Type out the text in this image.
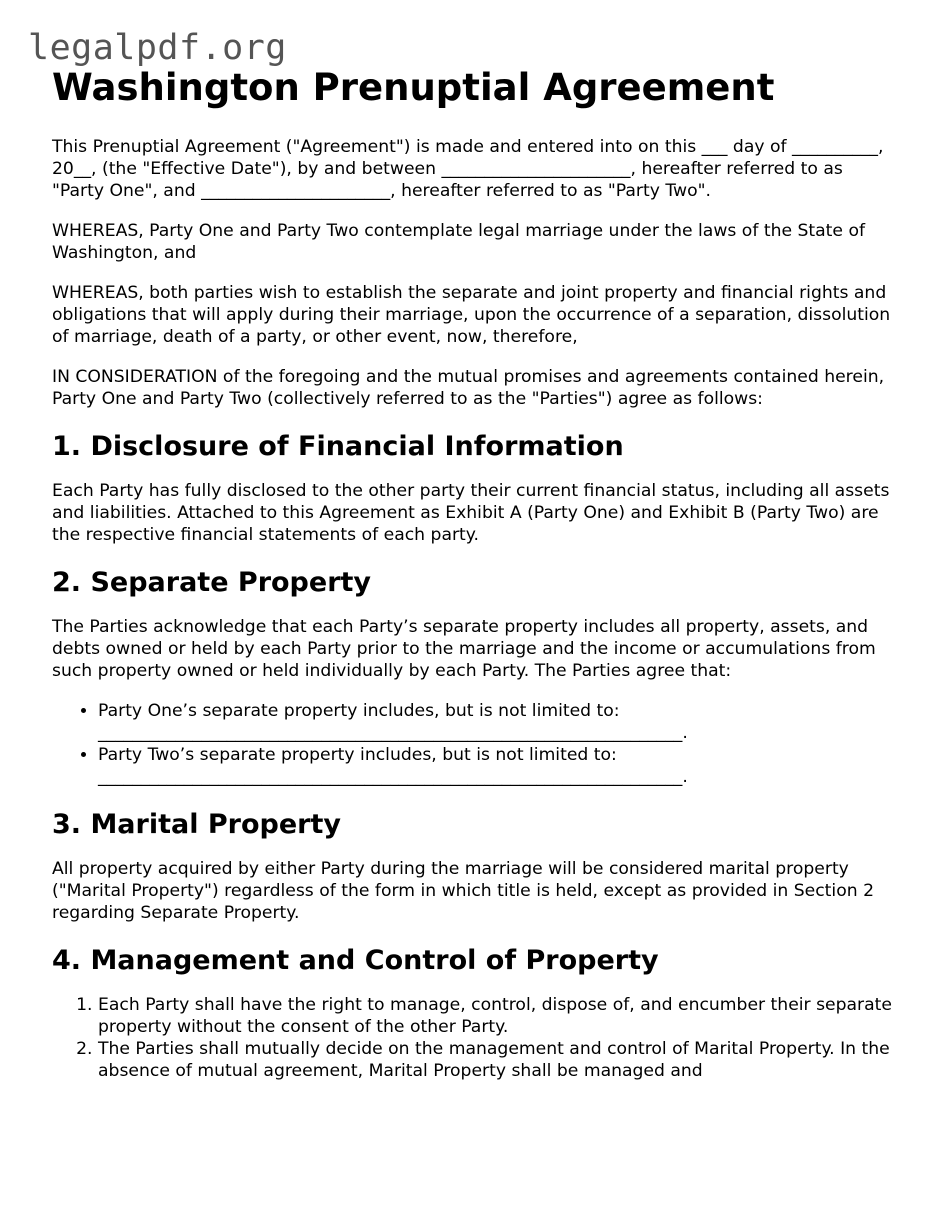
legalpdf.org
Washington Prenuptial Agreement

This Prenuptial Agreement ("Agreement") is made and entered into on this ___ day of __________, 20__, (the "Effective Date"), by and between ______________________, hereafter referred to as "Party One", and ______________________, hereafter referred to as "Party Two".

WHEREAS, Party One and Party Two contemplate legal marriage under the laws of the State of Washington, and

WHEREAS, both parties wish to establish the separate and joint property and financial rights and obligations that will apply during their marriage, upon the occurrence of a separation, dissolution of marriage, death of a party, or other event, now, therefore,

IN CONSIDERATION of the foregoing and the mutual promises and agreements contained herein, Party One and Party Two (collectively referred to as the "Parties") agree as follows:

1. Disclosure of Financial Information

Each Party has fully disclosed to the other party their current financial status, including all assets and liabilities. Attached to this Agreement as Exhibit A (Party One) and Exhibit B (Party Two) are the respective financial statements of each party.

2. Separate Property

The Parties acknowledge that each Party’s separate property includes all property, assets, and debts owned or held by each Party prior to the marriage and the income or accumulations from such property owned or held individually by each Party. The Parties agree that:

• Party One’s separate property includes, but is not limited to: ____________________________________________________________________.
• Party Two’s separate property includes, but is not limited to: ____________________________________________________________________.
3. Marital Property

All property acquired by either Party during the marriage will be considered marital property ("Marital Property") regardless of the form in which title is held, except as provided in Section 2 regarding Separate Property.

4. Management and Control of Property
1. Each Party shall have the right to manage, control, dispose of, and encumber their separate property without the consent of the other Party.
2. The Parties shall mutually decide on the management and control of Marital Property. In the absence of mutual agreement, Marital Property shall be managed and
